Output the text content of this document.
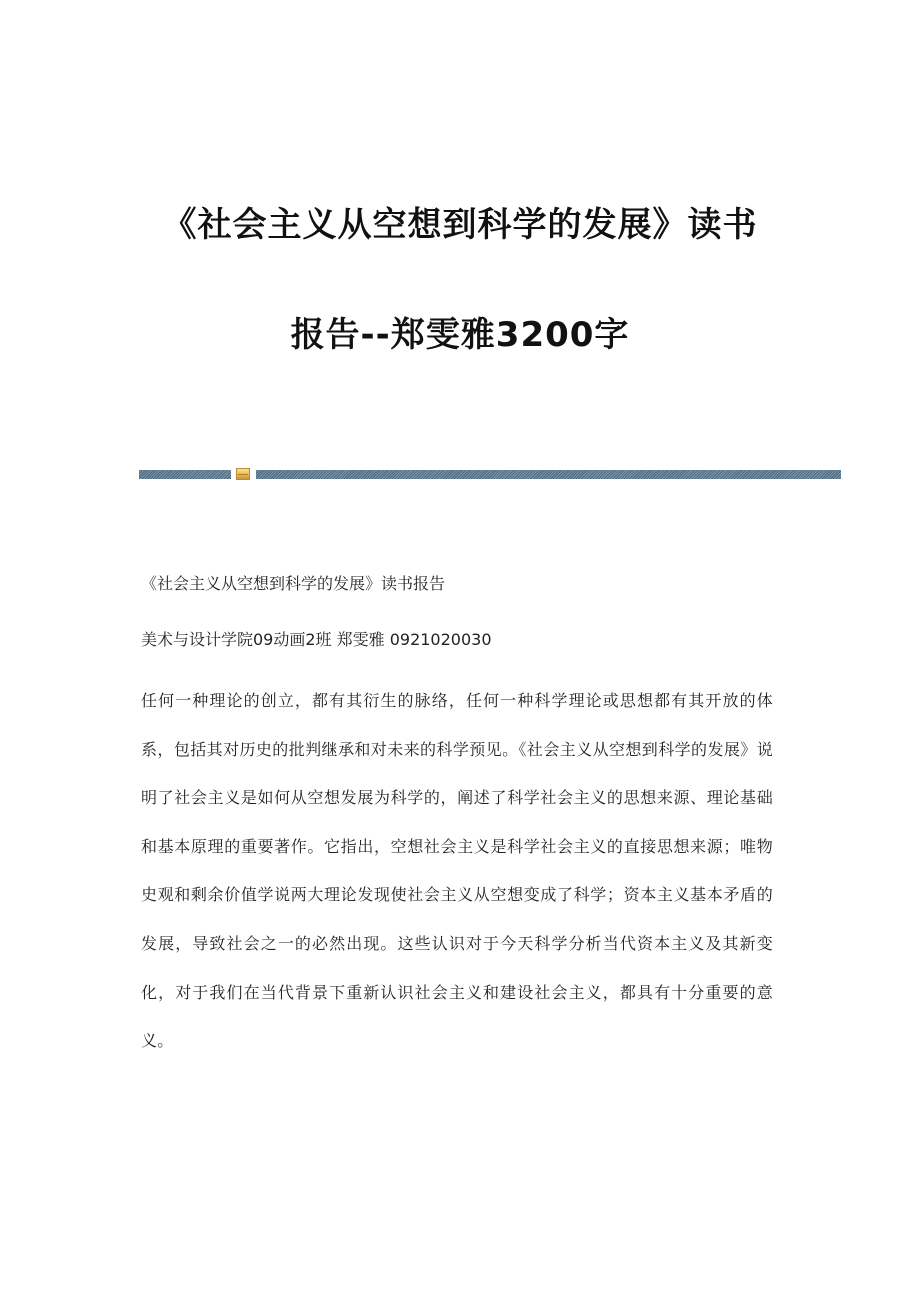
《社会主义从空想到科学的发展》读书
报告--郑雯雅3200字

《社会主义从空想到科学的发展》读书报告

美术与设计学院09动画2班 郑雯雅 0921020030

任何一种理论的创立，都有其衍生的脉络，任何一种科学理论或思想都有其开放的体系，包括其对历史的批判继承和对未来的科学预见。《社会主义从空想到科学的发展》说明了社会主义是如何从空想发展为科学的，阐述了科学社会主义的思想来源、理论基础和基本原理的重要著作。它指出，空想社会主义是科学社会主义的直接思想来源；唯物史观和剩余价值学说两大理论发现使社会主义从空想变成了科学；资本主义基本矛盾的发展，导致社会之一的必然出现。这些认识对于今天科学分析当代资本主义及其新变化，对于我们在当代背景下重新认识社会主义和建设社会主义，都具有十分重要的意义。
